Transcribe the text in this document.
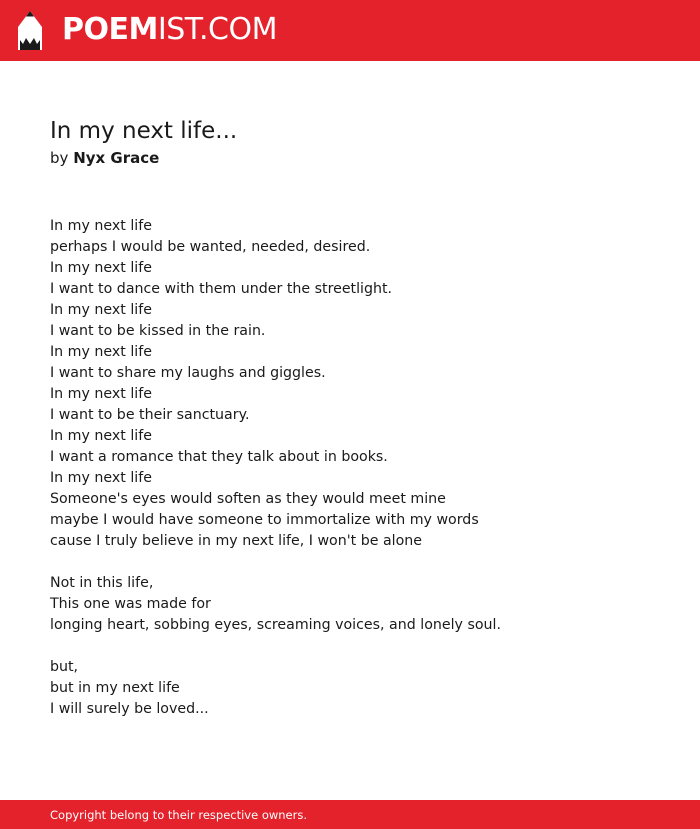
POEMIST.COM
In my next life...
by Nyx Grace
In my next life
perhaps I would be wanted, needed, desired.
In my next life
I want to dance with them under the streetlight.
In my next life
I want to be kissed in the rain.
In my next life
I want to share my laughs and giggles.
In my next life
I want to be their sanctuary.
In my next life
I want a romance that they talk about in books.
In my next life
Someone's eyes would soften as they would meet mine
maybe I would have someone to immortalize with my words
cause I truly believe in my next life, I won't be alone
Not in this life,
This one was made for
longing heart, sobbing eyes, screaming voices, and lonely soul.
but,
but in my next life
I will surely be loved...
Copyright belong to their respective owners.
